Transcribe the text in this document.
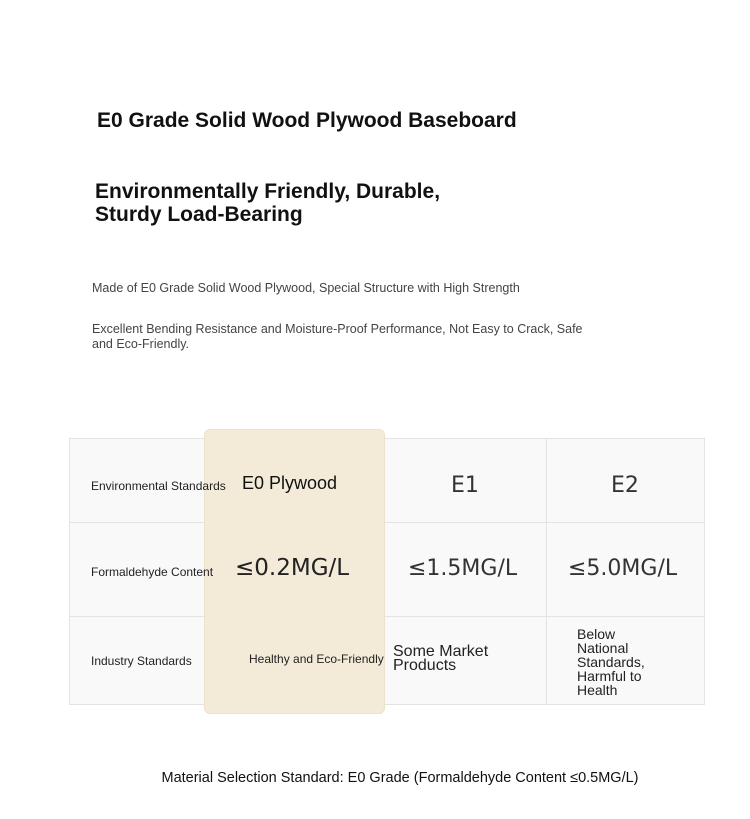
E0 Grade Solid Wood Plywood Baseboard
Environmentally Friendly, Durable, Sturdy Load-Bearing
Made of E0 Grade Solid Wood Plywood, Special Structure with High Strength
Excellent Bending Resistance and Moisture-Proof Performance, Not Easy to Crack, Safe and Eco-Friendly.
Environmental Standards
Formaldehyde Content
Industry Standards
E0 Plywood
≤0.2MG/L
Healthy and Eco-Friendly
E1
≤1.5MG/L
Some Market Products
E2
≤5.0MG/L
Below National Standards, Harmful to Health
Material Selection Standard: E0 Grade (Formaldehyde Content ≤0.5MG/L)
